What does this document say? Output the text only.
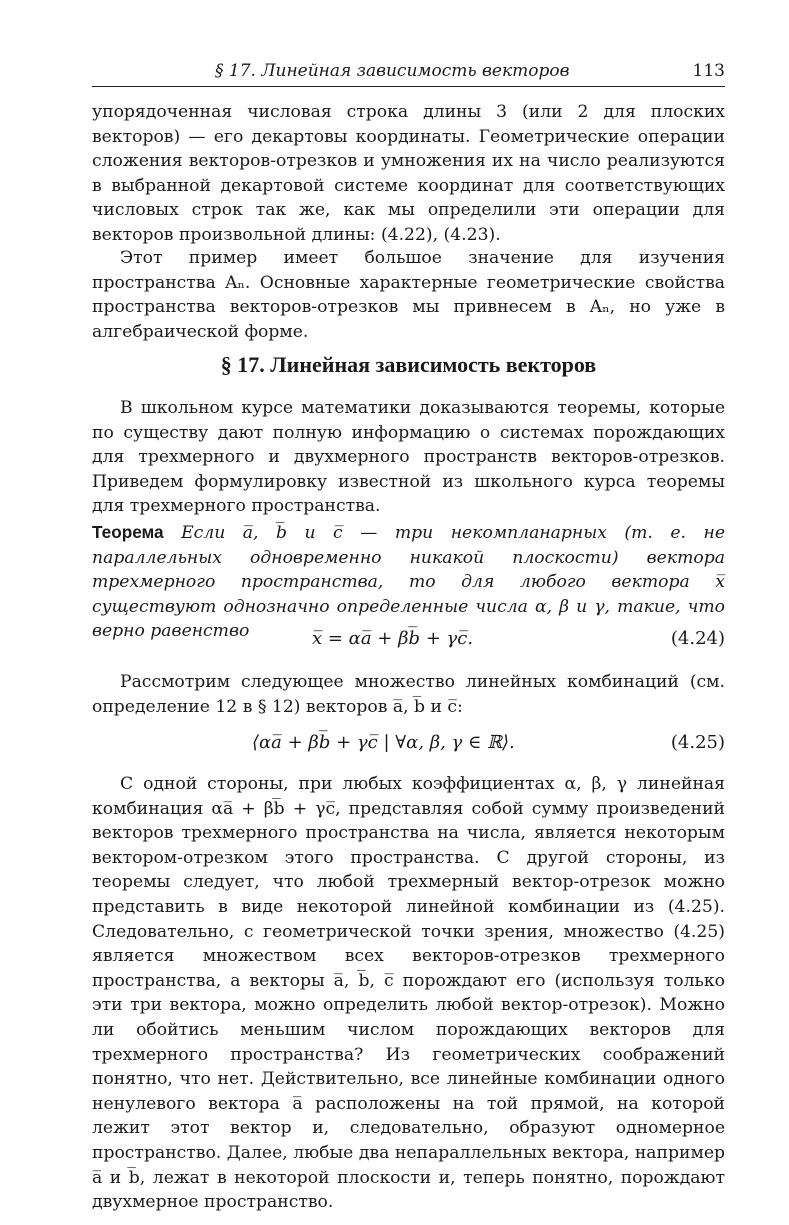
§ 17. Линейная зависимость векторов	113

упорядоченная числовая строка длины 3 (или 2 для плоских векторов) — его декартовы координаты. Геометрические операции сложения векторов-отрезков и умножения их на число реализуются в выбранной декартовой системе координат для соответствующих числовых строк так же, как мы определили эти операции для векторов произвольной длины: (4.22), (4.23).

Этот пример имеет большое значение для изучения пространства Aₙ. Основные характерные геометрические свойства пространства векторов-отрезков мы привнесем в Aₙ, но уже в алгебраической форме.

§ 17. Линейная зависимость векторов

В школьном курсе математики доказываются теоремы, которые по существу дают полную информацию о системах порождающих для трехмерного и двухмерного пространств векторов-отрезков. Приведем формулировку известной из школьного курса теоремы для трехмерного пространства.

Теорема Если a̅, b̅ и c̅ — три некомпланарных (т. е. не параллельных одновременно никакой плоскости) вектора трехмерного пространства, то для любого вектора x̅ существуют однозначно определенные числа α, β и γ, такие, что верно равенство	x̅ = αa̅ + βb̅ + γc̅.	(4.24)

Рассмотрим следующее множество линейных комбинаций (см. определение 12 в § 12) векторов a̅, b̅ и c̅:

⟨αa̅ + βb̅ + γc̅ | ∀α, β, γ ∈ ℝ⟩.	(4.25)

С одной стороны, при любых коэффициентах α, β, γ линейная комбинация αa̅ + βb̅ + γc̅, представляя собой сумму произведений векторов трехмерного пространства на числа, является некоторым вектором-отрезком этого пространства. С другой стороны, из теоремы следует, что любой трехмерный вектор-отрезок можно представить в виде некоторой линейной комбинации из (4.25). Следовательно, с геометрической точки зрения, множество (4.25) является множеством всех векторов-отрезков трехмерного пространства, а векторы a̅, b̅, c̅ порождают его (используя только эти три вектора, можно определить любой вектор-отрезок). Можно ли обойтись меньшим числом порождающих векторов для трехмерного пространства? Из геометрических соображений понятно, что нет. Действительно, все линейные комбинации одного ненулевого вектора a̅ расположены на той прямой, на которой лежит этот вектор и, следовательно, образуют одномерное пространство. Далее, любые два непараллельных вектора, например a̅ и b̅, лежат в некоторой плоскости и, теперь понятно, порождают двухмерное пространство.
